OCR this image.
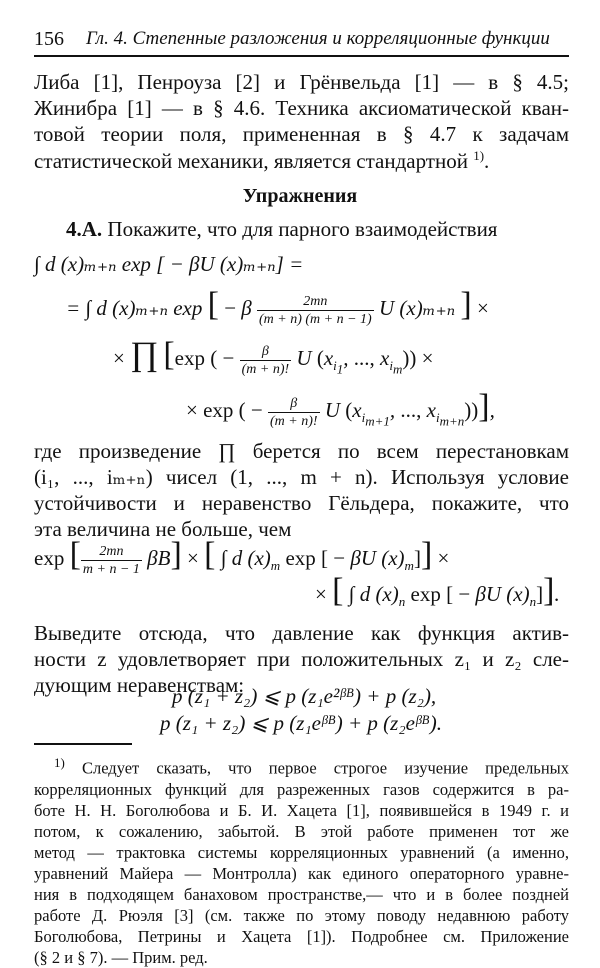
156 Гл. 4. Степенные разложения и корреляционные функции
Либа [1], Пенроуза [2] и Грёнвельда [1] — в § 4.5;
Жинибра [1] — в § 4.6. Техника аксиоматической кван-
товой теории поля, примененная в § 4.7 к задачам
статистической механики, является стандартной $^{1)}$.
Упражнения
4.A. Покажите, что для парного взаимодействия
∫ d (x)ₘ₊ₙ exp [ − βU (x)ₘ₊ₙ] =
= ∫ d (x)ₘ₊ₙ exp [ − β $\frac{2mn}{(m + n) (m + n - 1)}$ U (x)ₘ₊ₙ ] ×
× ∏ [exp ( − $\frac{\beta}{(m + n)!}$ U ($x_{i_1}$, ..., $x_{i_m}$)) ×
× exp ( − $\frac{\beta}{(m + n)!}$ U ($x_{i_{m+1}}$, ..., $x_{i_{m+n}}$))],
где произведение ∏ берется по всем перестановкам
(i₁, ..., iₘ₊ₙ) чисел (1, ..., m + n). Используя условие
устойчивости и неравенство Гёльдера, покажите, что
эта величина не больше, чем
exp [ $\frac{2mn}{m + n - 1} \beta B$] × [ ∫ d $(x)_m$ exp [ − βU $(x)_m$]] ×
× [ ∫ d $(x)_n$ exp [ − βU $(x)_n$]].
Выведите отсюда, что давление как функция актив-
ности z удовлетворяет при положительных z₁ и z₂ сле-
дующим неравенствам:
p (z₁ + z₂) ⩽ p (z₁e²ᵝᴮ) + p (z₂),
p (z₁ + z₂) ⩽ p (z₁eᵝᴮ) + p (z₂eᵝᴮ).
$^{1)}$ Следует сказать, что первое строгое изучение предельных
корреляционных функций для разреженных газов содержится в ра-
боте Н. Н. Боголюбова и Б. И. Хацета [1], появившейся в 1949 г. и
потом, к сожалению, забытой. В этой работе применен тот же
метод — трактовка системы корреляционных уравнений (а именно,
уравнений Майера — Монтролла) как единого операторного уравне-
ния в подходящем банаховом пространстве,— что и в более поздней
работе Д. Рюэля [3] (см. также по этому поводу недавнюю работу
Боголюбова, Петрины и Хацета [1]). Подробнее см. Приложение
(§ 2 и § 7). — Прим. ред.
